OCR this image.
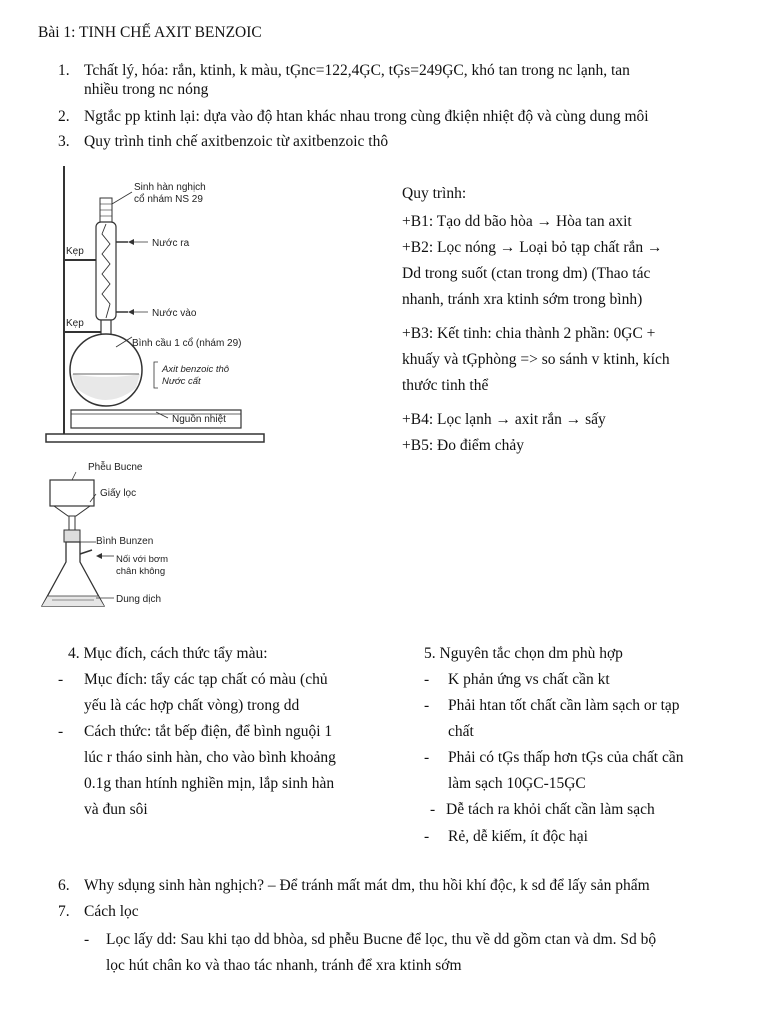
Bài 1: TINH CHẾ AXIT BENZOIC
1. Tchất lý, hóa: rắn, ktinh, k màu, tĢnc=122,4ĢC, tĢs=249ĢC, khó tan trong nc lạnh, tan
nhiều trong nc nóng
2. Ngtắc pp ktinh lại: dựa vào độ htan khác nhau trong cùng đkiện nhiệt độ và cùng dung môi
3. Quy trình tinh chế axitbenzoic từ axitbenzoic thô
Sinh hàn nghịch
cổ nhám NS 29
Nước ra
Kẹp
Nước vào
Kẹp
Bình cầu 1 cổ (nhám 29)
Axit benzoic thô
Nước cất
Nguồn nhiệt
Phễu Bucne
Giấy lọc
Bình Bunzen
Nối với bơm
chân không
Dung dịch
Quy trình:
+B1: Tạo dd bão hòa → Hòa tan axit
+B2: Lọc nóng → Loại bỏ tạp chất rắn →
Dd trong suốt (ctan trong dm) (Thao tác
nhanh, tránh xra ktinh sớm trong bình)
+B3: Kết tinh: chia thành 2 phần: 0ĢC +
khuấy và tĢphòng => so sánh v ktinh, kích
thước tinh thể
+B4: Lọc lạnh → axit rắn → sấy
+B5: Đo điểm chảy
4. Mục đích, cách thức tẩy màu:
- Mục đích: tẩy các tạp chất có màu (chủ
yếu là các hợp chất vòng) trong dd
- Cách thức: tắt bếp điện, để bình nguội 1
lúc r tháo sinh hàn, cho vào bình khoảng
0.1g than htính nghiền mịn, lắp sinh hàn
và đun sôi
5. Nguyên tắc chọn dm phù hợp
- K phản ứng vs chất cần kt
- Phải htan tốt chất cần làm sạch or tạp
chất
- Phải có tĢs thấp hơn tĢs của chất cần
làm sạch 10ĢC-15ĢC
- Dễ tách ra khỏi chất cần làm sạch
- Rẻ, dễ kiếm, ít độc hại
6. Why sdụng sinh hàn nghịch? – Để tránh mất mát dm, thu hồi khí độc, k sd để lấy sản phẩm
7. Cách lọc
- Lọc lấy dd: Sau khi tạo dd bhòa, sd phễu Bucne để lọc, thu về dd gồm ctan và dm. Sd bộ
lọc hút chân ko và thao tác nhanh, tránh để xra ktinh sớm
